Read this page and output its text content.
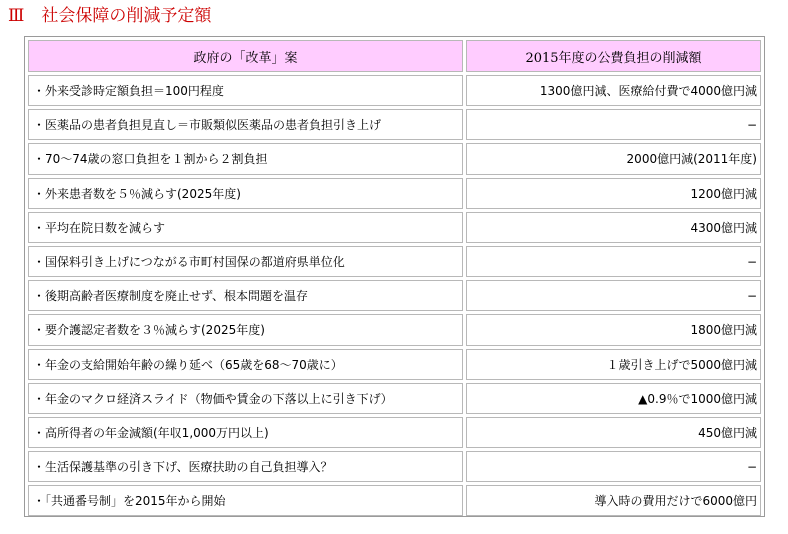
Ⅲ　社会保障の削減予定額
政府の「改革」案	2015年度の公費負担の削減額
・外来受診時定額負担＝100円程度	1300億円減、医療給付費で4000億円減
・医薬品の患者負担見直し＝市販類似医薬品の患者負担引き上げ	−
・70〜74歳の窓口負担を１割から２割負担	2000億円減(2011年度)
・外来患者数を５％減らす(2025年度)	1200億円減
・平均在院日数を減らす	4300億円減
・国保料引き上げにつながる市町村国保の都道府県単位化	−
・後期高齢者医療制度を廃止せず、根本問題を温存	−
・要介護認定者数を３％減らす(2025年度)	1800億円減
・年金の支給開始年齢の繰り延べ（65歳を68〜70歳に）	１歳引き上げで5000億円減
・年金のマクロ経済スライド（物価や賃金の下落以上に引き下げ）	▲0.9％で1000億円減
・高所得者の年金減額(年収1,000万円以上)	450億円減
・生活保護基準の引き下げ、医療扶助の自己負担導入？	−
・「共通番号制」を2015年から開始	導入時の費用だけで6000億円
